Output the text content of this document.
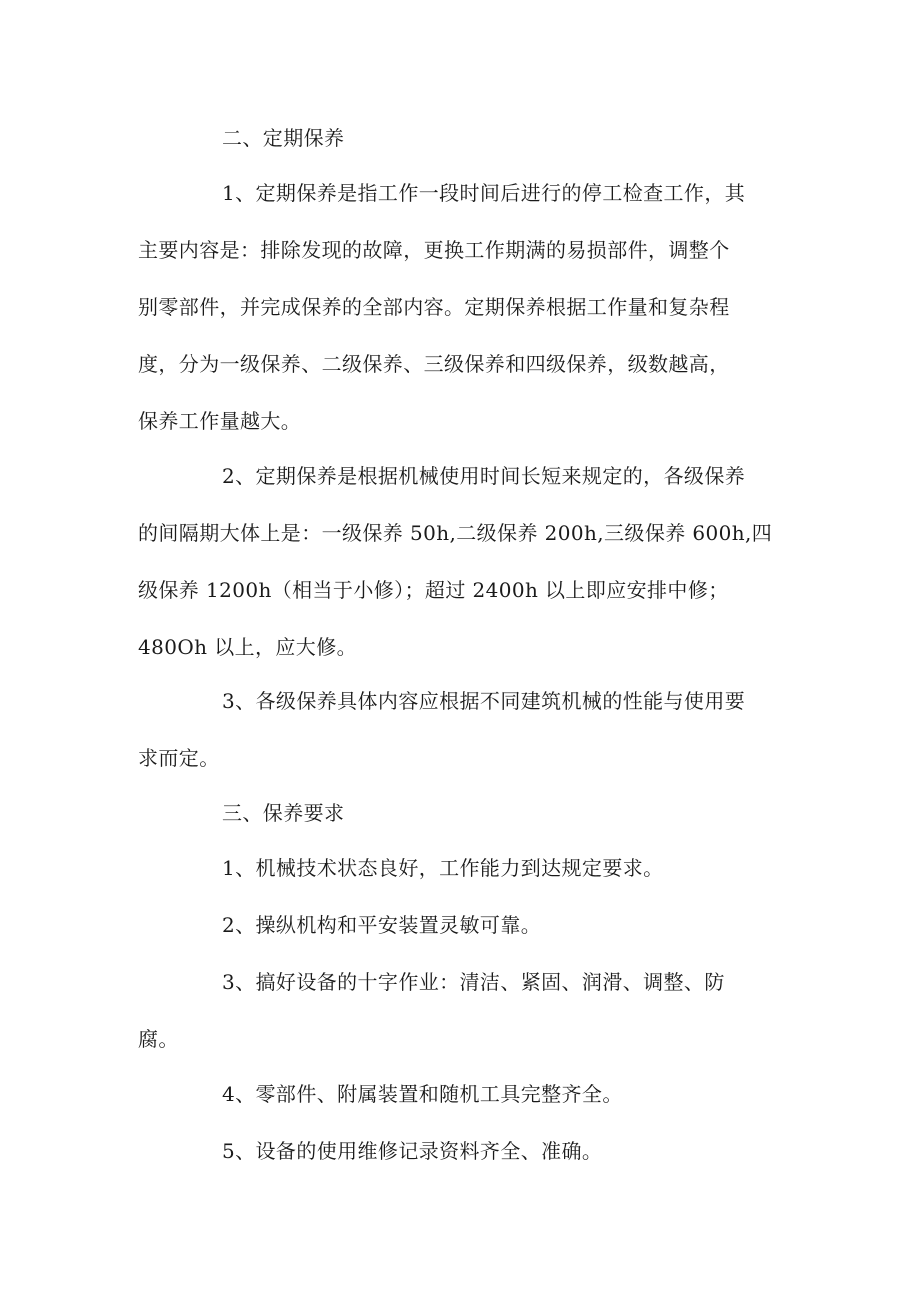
二、定期保养
1、定期保养是指工作一段时间后进行的停工检查工作，其
主要内容是：排除发现的故障，更换工作期满的易损部件，调整个
别零部件，并完成保养的全部内容。定期保养根据工作量和复杂程
度，分为一级保养、二级保养、三级保养和四级保养，级数越高，
保养工作量越大。
2、定期保养是根据机械使用时间长短来规定的，各级保养
的间隔期大体上是：一级保养 50h,二级保养 200h,三级保养 600h,四
级保养 1200h（相当于小修）；超过 2400h 以上即应安排中修；
480Oh 以上，应大修。
3、各级保养具体内容应根据不同建筑机械的性能与使用要
求而定。
三、保养要求
1、机械技术状态良好，工作能力到达规定要求。
2、操纵机构和平安装置灵敏可靠。
3、搞好设备的十字作业：清洁、紧固、润滑、调整、防
腐。
4、零部件、附属装置和随机工具完整齐全。
5、设备的使用维修记录资料齐全、准确。
